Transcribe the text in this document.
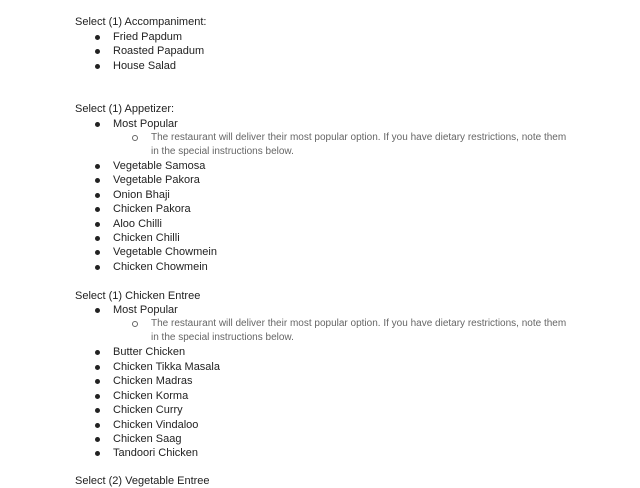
Select (1) Accompaniment:
Fried Papdum
Roasted Papadum
House Salad
Select (1) Appetizer:
Most Popular
The restaurant will deliver their most popular option. If you have dietary restrictions, note them in the special instructions below.
Vegetable Samosa
Vegetable Pakora
Onion Bhaji
Chicken Pakora
Aloo Chilli
Chicken Chilli
Vegetable Chowmein
Chicken Chowmein
Select (1) Chicken Entree
Most Popular
The restaurant will deliver their most popular option. If you have dietary restrictions, note them in the special instructions below.
Butter Chicken
Chicken Tikka Masala
Chicken Madras
Chicken Korma
Chicken Curry
Chicken Vindaloo
Chicken Saag
Tandoori Chicken
Select (2) Vegetable Entree
